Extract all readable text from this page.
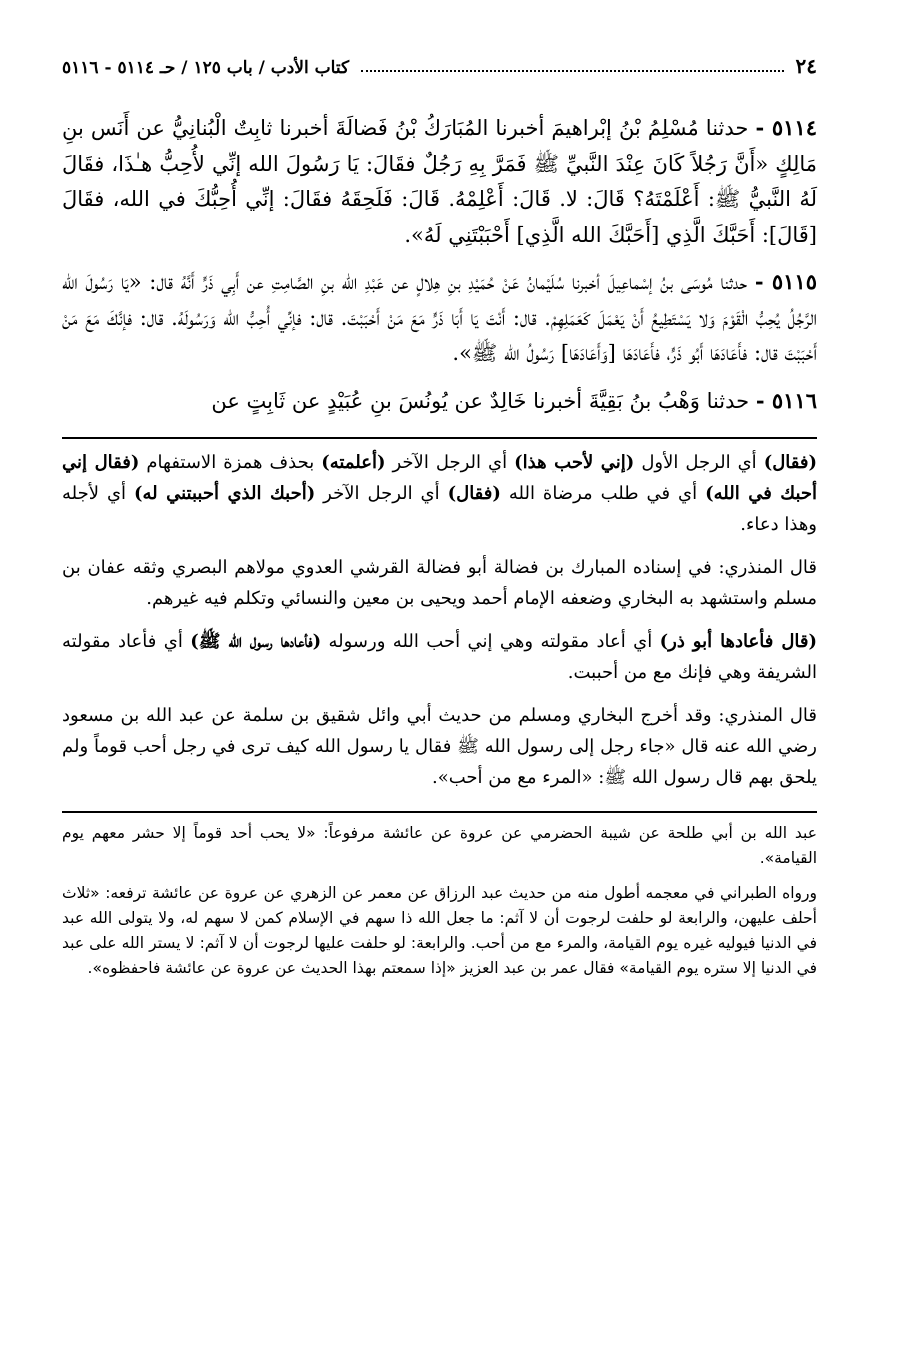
٢٤
كتاب الأدب / باب ١٢٥ / حـ ٥١١٤ - ٥١١٦

٥١١٤ - حدثنا مُسْلِمُ بْنُ إبْراهيمَ أخبرنا المُبَارَكُ بْنُ فَضالَةَ أخبرنا ثابِتٌ الْبُنانِيُّ عن أَنَس بنِ مَالِكٍ «أَنَّ رَجُلاً كَانَ عِنْدَ النَّبيِّ ﷺ فَمَرَّ بِهِ رَجُلٌ فقَالَ: يَا رَسُولَ الله إنِّي لأُحِبُّ هـٰذَا، فقَالَ لَهُ النَّبيُّ ﷺ: أَعْلَمْتَهُ؟ قَالَ: لا. قَالَ: أَعْلِمْهُ. قَالَ: فَلَحِقَهُ فقَالَ: إنِّي أُحِبُّكَ في الله، فقَالَ [قَالَ]: أَحَبَّكَ الَّذِي [أَحَبَّكَ الله الَّذِي] أَحْبَبْتَنِي لَهُ».

٥١١٥ - حدثنا مُوسَى بنُ إسْماعِيلَ أخبرنا سُلَيْمانُ عَنْ حُمَيْدِ بنِ هِلالٍ عن عَبْدِ الله بنِ الصَّامِتِ عن أَبِي ذَرٍّ أَنَّهُ قال: «يَا رَسُولَ الله الرَّجُلُ يُحِبُّ الْقَوْمَ وَلا يَسْتَطِيعُ أَنْ يَعْمَلَ كَعَمَلِهِمْ. قال: أَنْتَ يَا أَبَا ذَرٍّ مَعَ مَنْ أَحْبَبْتَ. قال: فإنِّي أُحِبُّ الله وَرَسُولَهُ. قال: فإنَّكَ مَعَ مَنْ أَحْبَبْتَ قال: فأَعَادَهَا أَبُو ذَرٍّ، فأَعَادَهَا [وَأَعَادَهَا] رَسُولُ الله ﷺ».

٥١١٦ - حدثنا وَهْبُ بنُ بَقِيَّةَ أخبرنا خَالِدٌ عن يُونُسَ بنِ عُبَيْدٍ عن ثَابِتٍ عن

(فقال) أي الرجل الأول (إني لأحب هذا) أي الرجل الآخر (أعلمته) بحذف همزة الاستفهام (فقال إني أحبك في الله) أي في طلب مرضاة الله (فقال) أي الرجل الآخر (أحبك الذي أحببتني له) أي لأجله وهذا دعاء.

قال المنذري: في إسناده المبارك بن فضالة أبو فضالة القرشي العدوي مولاهم البصري وثقه عفان بن مسلم واستشهد به البخاري وضعفه الإمام أحمد ويحيى بن معين والنسائي وتكلم فيه غيرهم.

(قال فأعادها أبو ذر) أي أعاد مقولته وهي إني أحب الله ورسوله (فأعادها رسول الله ﷺ) أي فأعاد مقولته الشريفة وهي فإنك مع من أحببت.

قال المنذري: وقد أخرج البخاري ومسلم من حديث أبي وائل شقيق بن سلمة عن عبد الله بن مسعود رضي الله عنه قال «جاء رجل إلى رسول الله ﷺ فقال يا رسول الله كيف ترى في رجل أحب قوماً ولم يلحق بهم قال رسول الله ﷺ: «المرء مع من أحب».

عبد الله بن أبي طلحة عن شيبة الحضرمي عن عروة عن عائشة مرفوعاً: «لا يحب أحد قوماً إلا حشر معهم يوم القيامة».

ورواه الطبراني في معجمه أطول منه من حديث عبد الرزاق عن معمر عن الزهري عن عروة عن عائشة ترفعه: «ثلاث أحلف عليهن، والرابعة لو حلفت لرجوت أن لا آثم: ما جعل الله ذا سهم في الإسلام كمن لا سهم له، ولا يتولى الله عبد في الدنيا فيوليه غيره يوم القيامة، والمرء مع من أحب. والرابعة: لو حلفت عليها لرجوت أن لا آثم: لا يستر الله على عبد في الدنيا إلا ستره يوم القيامة» فقال عمر بن عبد العزيز «إذا سمعتم بهذا الحديث عن عروة عن عائشة فاحفظوه».
